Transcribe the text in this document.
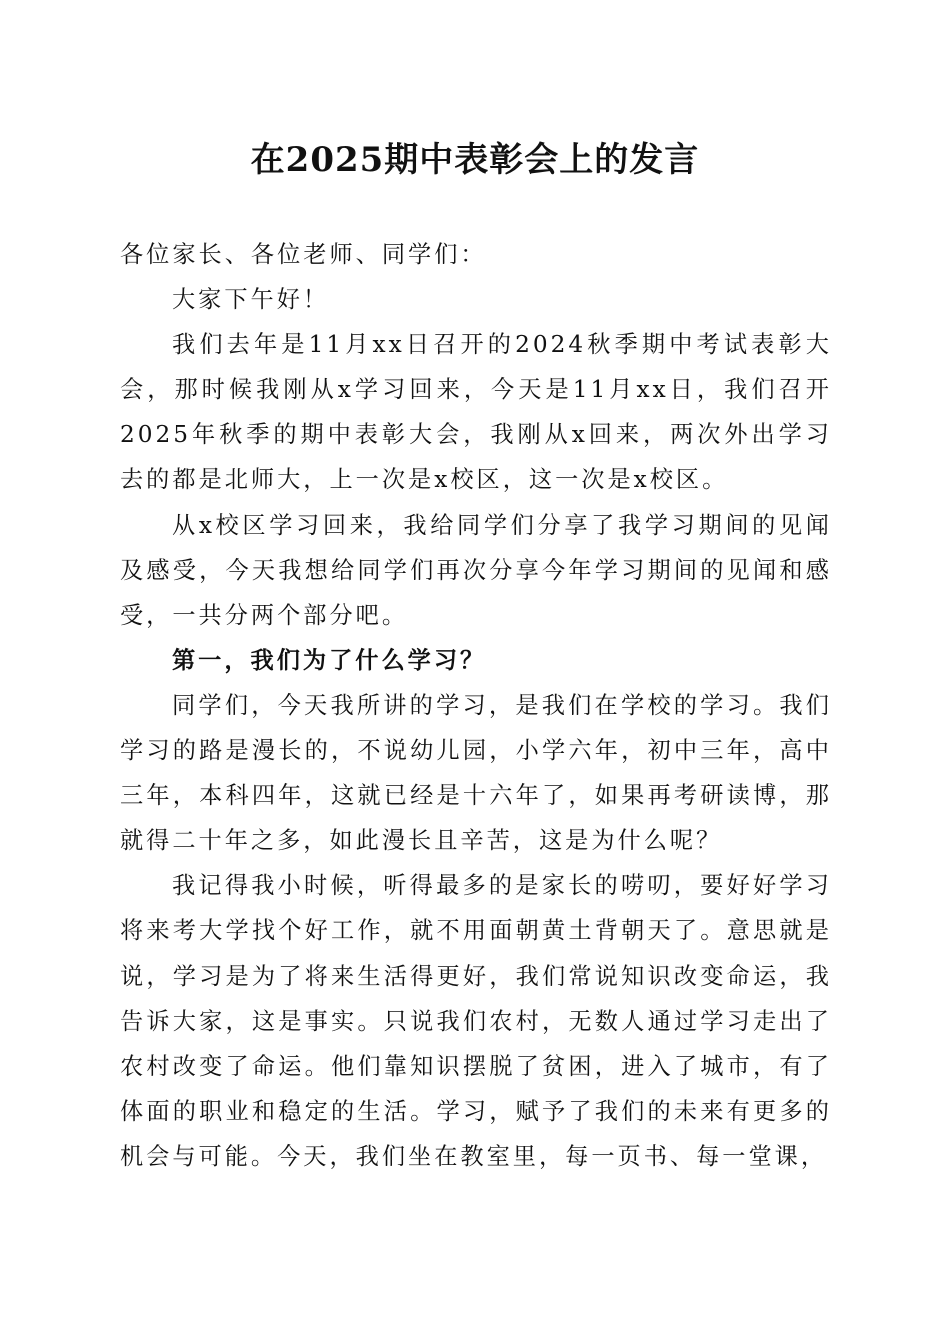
在2025期中表彰会上的发言

各位家长、各位老师、同学们：

大家下午好！

我们去年是11月xx日召开的2024秋季期中考试表彰大会，那时候我刚从x学习回来，今天是11月xx日，我们召开2025年秋季的期中表彰大会，我刚从x回来，两次外出学习去的都是北师大，上一次是x校区，这一次是x校区。

从x校区学习回来，我给同学们分享了我学习期间的见闻及感受，今天我想给同学们再次分享今年学习期间的见闻和感受，一共分两个部分吧。

第一，我们为了什么学习？

同学们，今天我所讲的学习，是我们在学校的学习。我们学习的路是漫长的，不说幼儿园，小学六年，初中三年，高中三年，本科四年，这就已经是十六年了，如果再考研读博，那就得二十年之多，如此漫长且辛苦，这是为什么呢？

我记得我小时候，听得最多的是家长的唠叨，要好好学习将来考大学找个好工作，就不用面朝黄土背朝天了。意思就是说，学习是为了将来生活得更好，我们常说知识改变命运，我告诉大家，这是事实。只说我们农村，无数人通过学习走出了农村改变了命运。他们靠知识摆脱了贫困，进入了城市，有了体面的职业和稳定的生活。学习，赋予了我们的未来有更多的机会与可能。今天，我们坐在教室里，每一页书、每一堂课，
